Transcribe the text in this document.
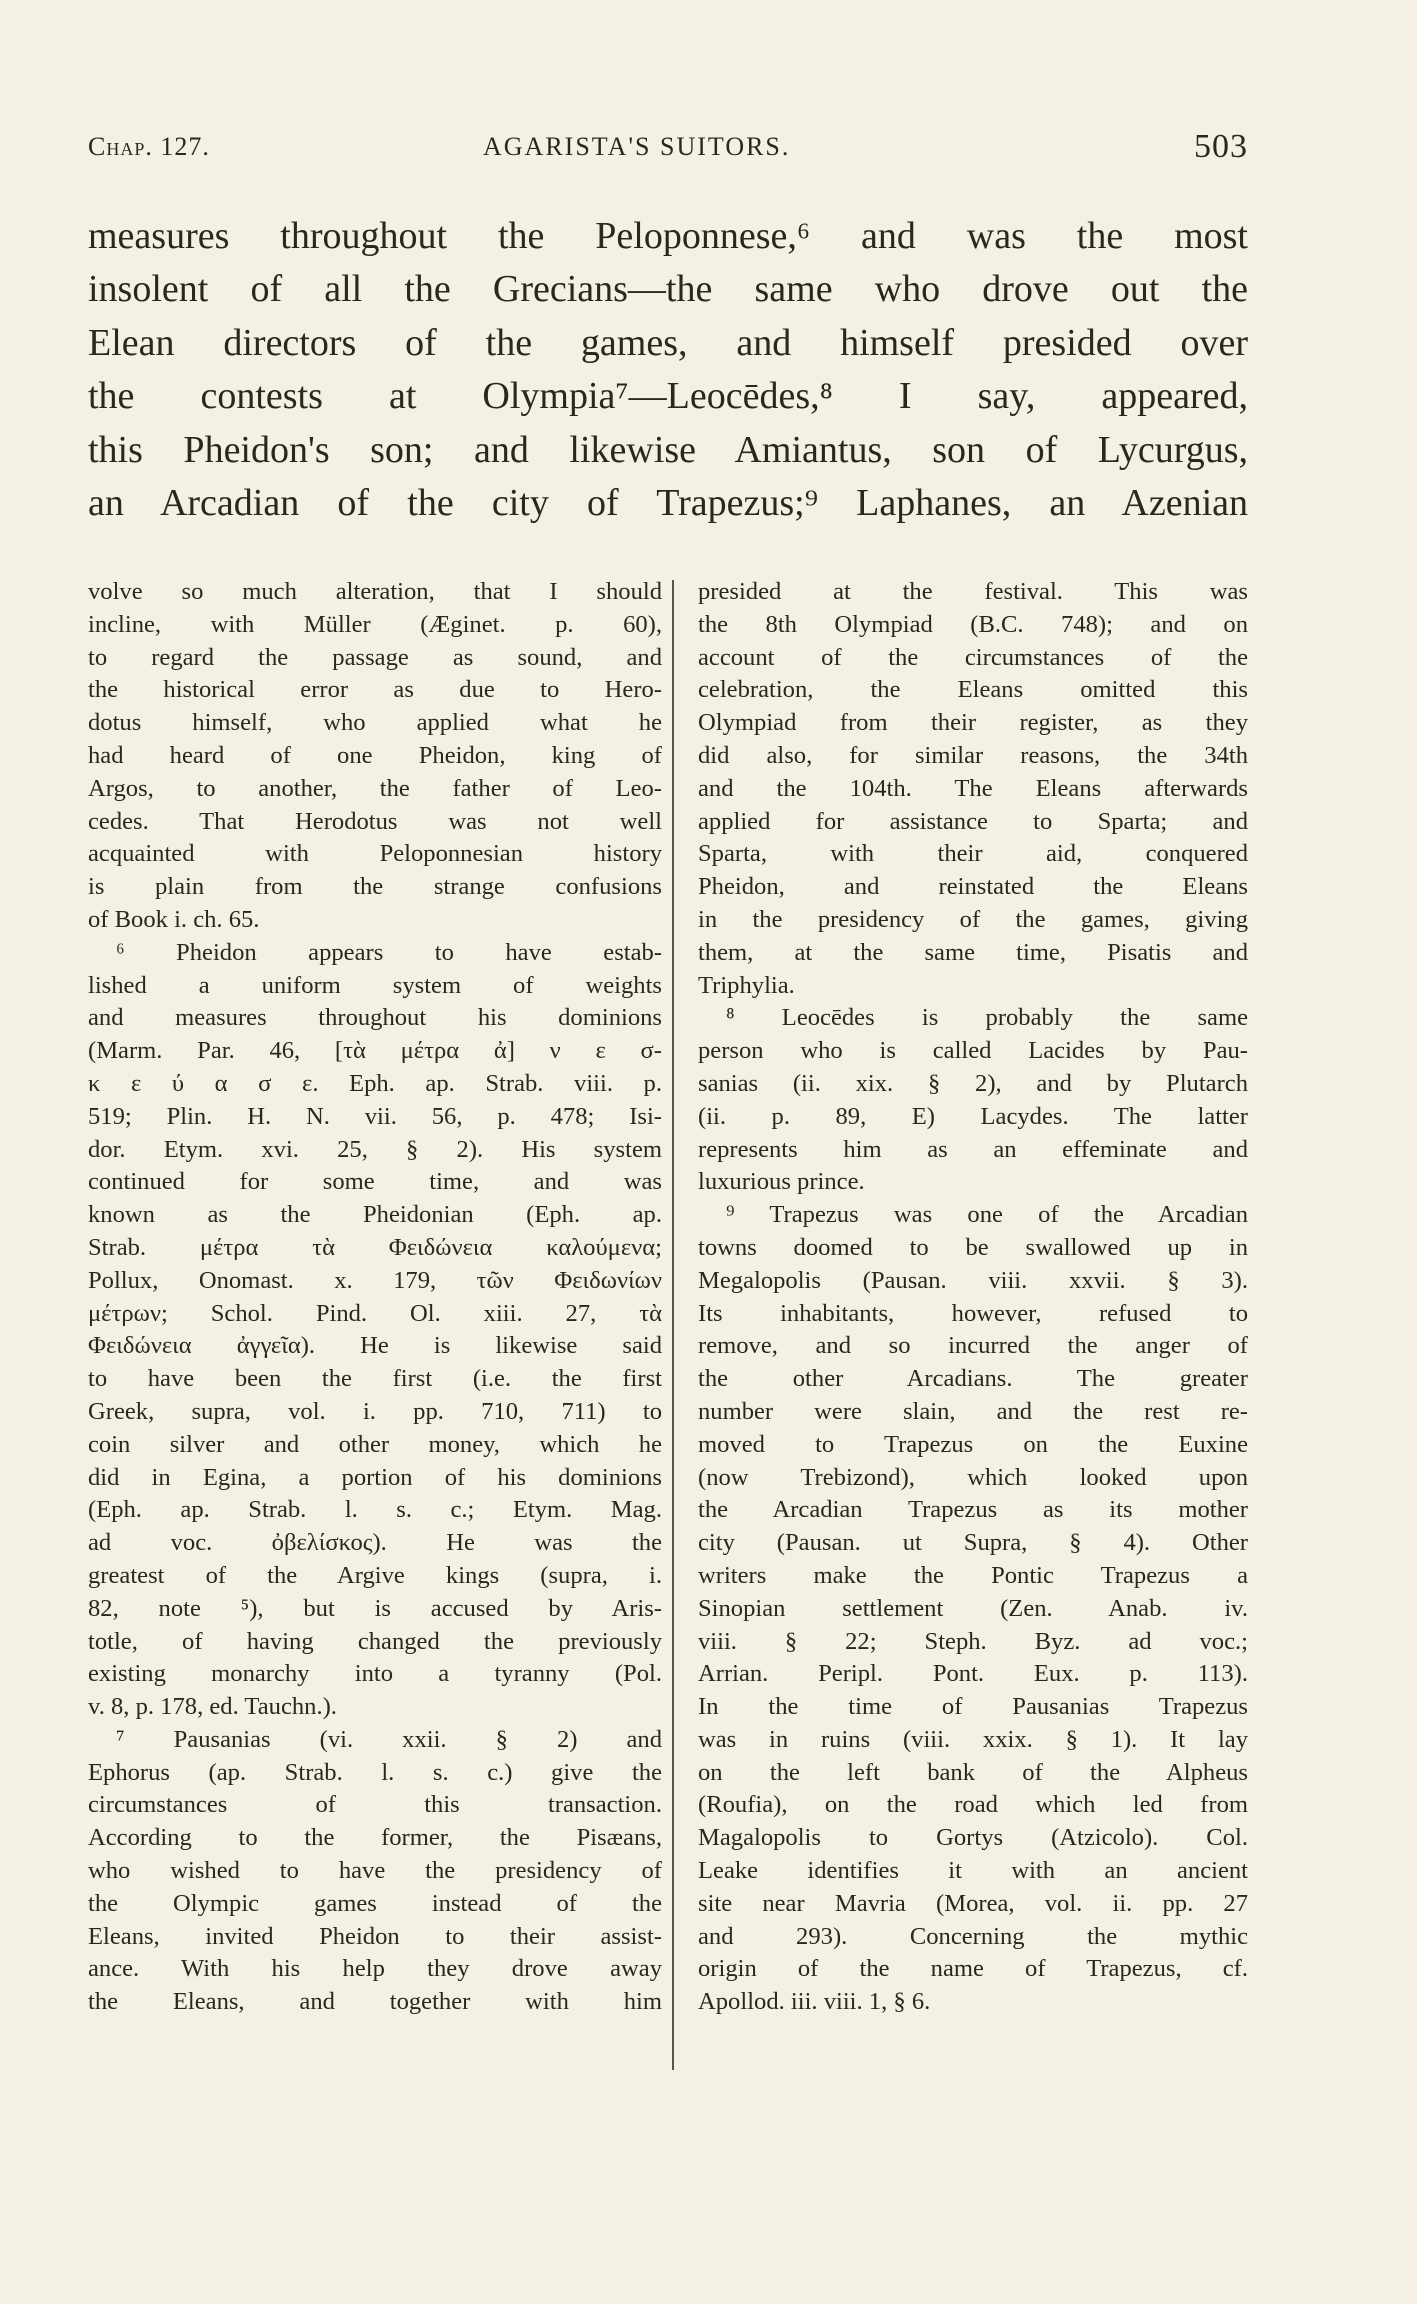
Chap. 127.	AGARISTA'S SUITORS.	503
measures throughout the Peloponnese,⁶ and was the most
insolent of all the Grecians—the same who drove out the
Elean directors of the games, and himself presided over
the contests at Olympia⁷—Leocēdes,⁸ I say, appeared,
this Pheidon's son; and likewise Amiantus, son of Lycurgus,
an Arcadian of the city of Trapezus;⁹ Laphanes, an Azenian
volve so much alteration, that I should
incline, with Müller (Æginet. p. 60),
to regard the passage as sound, and
the historical error as due to Hero-
dotus himself, who applied what he
had heard of one Pheidon, king of
Argos, to another, the father of Leo-
cedes. That Herodotus was not well
acquainted with Peloponnesian history
is plain from the strange confusions
of Book i. ch. 65.
⁶ Pheidon appears to have estab-
lished a uniform system of weights
and measures throughout his dominions
(Marm. Par. 46, [τὰ μέτρα ἀ] ν ε σ-
κ ε ύ α σ ε. Eph. ap. Strab. viii. p.
519; Plin. H. N. vii. 56, p. 478; Isi-
dor. Etym. xvi. 25, § 2). His system
continued for some time, and was
known as the Pheidonian (Eph. ap.
Strab. μέτρα τὰ Φειδώνεια καλούμενα;
Pollux, Onomast. x. 179, τῶν Φειδωνίων
μέτρων; Schol. Pind. Ol. xiii. 27, τὰ
Φειδώνεια ἀγγεῖα). He is likewise said
to have been the first (i.e. the first
Greek, supra, vol. i. pp. 710, 711) to
coin silver and other money, which he
did in Egina, a portion of his dominions
(Eph. ap. Strab. l. s. c.; Etym. Mag.
ad voc. ὀβελίσκος). He was the
greatest of the Argive kings (supra, i.
82, note ⁵), but is accused by Aris-
totle, of having changed the previously
existing monarchy into a tyranny (Pol.
v. 8, p. 178, ed. Tauchn.).
⁷ Pausanias (vi. xxii. § 2) and
Ephorus (ap. Strab. l. s. c.) give the
circumstances of this transaction.
According to the former, the Pisæans,
who wished to have the presidency of
the Olympic games instead of the
Eleans, invited Pheidon to their assist-
ance. With his help they drove away
the Eleans, and together with him
presided at the festival. This was
the 8th Olympiad (B.C. 748); and on
account of the circumstances of the
celebration, the Eleans omitted this
Olympiad from their register, as they
did also, for similar reasons, the 34th
and the 104th. The Eleans afterwards
applied for assistance to Sparta; and
Sparta, with their aid, conquered
Pheidon, and reinstated the Eleans
in the presidency of the games, giving
them, at the same time, Pisatis and
Triphylia.
⁸ Leocēdes is probably the same
person who is called Lacides by Pau-
sanias (ii. xix. § 2), and by Plutarch
(ii. p. 89, E) Lacydes. The latter
represents him as an effeminate and
luxurious prince.
⁹ Trapezus was one of the Arcadian
towns doomed to be swallowed up in
Megalopolis (Pausan. viii. xxvii. § 3).
Its inhabitants, however, refused to
remove, and so incurred the anger of
the other Arcadians. The greater
number were slain, and the rest re-
moved to Trapezus on the Euxine
(now Trebizond), which looked upon
the Arcadian Trapezus as its mother
city (Pausan. ut Supra, § 4). Other
writers make the Pontic Trapezus a
Sinopian settlement (Zen. Anab. iv.
viii. § 22; Steph. Byz. ad voc.;
Arrian. Peripl. Pont. Eux. p. 113).
In the time of Pausanias Trapezus
was in ruins (viii. xxix. § 1). It lay
on the left bank of the Alpheus
(Roufia), on the road which led from
Magalopolis to Gortys (Atzicolo). Col.
Leake identifies it with an ancient
site near Mavria (Morea, vol. ii. pp. 27
and 293). Concerning the mythic
origin of the name of Trapezus, cf.
Apollod. iii. viii. 1, § 6.
